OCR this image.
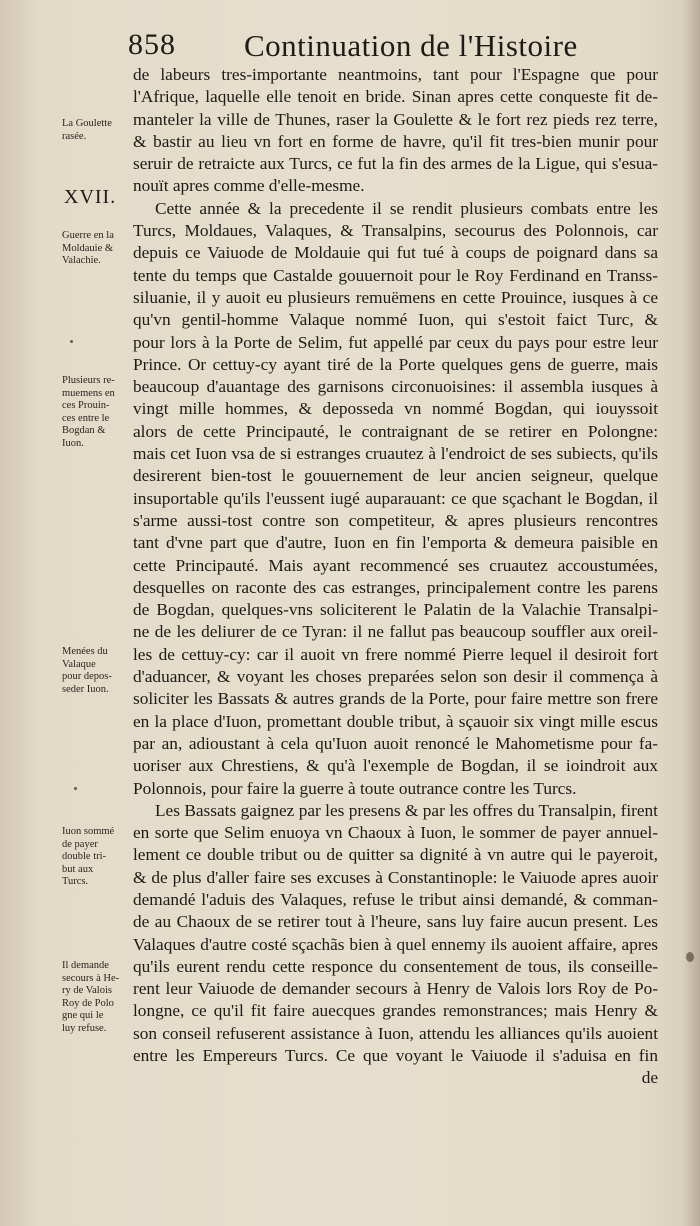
858 Continuation de l'Histoire
XVII.
La Goulette
rasée.
Guerre en la
Moldauie &
Valachie.
Plusieurs re-
muemens en
ces Prouin-
ces entre le
Bogdan &
Iuon.
Menées du
Valaque
pour depos-
seder Iuon.
Iuon sommé
de payer
double tri-
but aux
Turcs.
Il demande
secours à He-
ry de Valois
Roy de Polo
gne qui le
luy refuse.
de labeurs tres-importante neantmoins, tant pour l'Espagne que pour
l'Afrique, laquelle elle tenoit en bride. Sinan apres cette conqueste fit de-
manteler la ville de Thunes, raser la Goulette & le fort rez pieds rez terre,
& bastir au lieu vn fort en forme de havre, qu'il fit tres-bien munir pour
seruir de retraicte aux Turcs, ce fut la fin des armes de la Ligue, qui s'esua-
nouït apres comme d'elle-mesme.
Cette année & la precedente il se rendit plusieurs combats entre les
Turcs, Moldaues, Valaques, & Transalpins, secourus des Polonnois, car
depuis ce Vaiuode de Moldauie qui fut tué à coups de poignard dans sa
tente du temps que Castalde gouuernoit pour le Roy Ferdinand en Transs-
siluanie, il y auoit eu plusieurs remuëmens en cette Prouince, iusques à ce
qu'vn gentil-homme Valaque nommé Iuon, qui s'estoit faict Turc, &
pour lors à la Porte de Selim, fut appellé par ceux du pays pour estre leur
Prince. Or cettuy-cy ayant tiré de la Porte quelques gens de guerre, mais
beaucoup d'auantage des garnisons circonuoisines: il assembla iusques à
vingt mille hommes, & deposseda vn nommé Bogdan, qui iouyssoit
alors de cette Principauté, le contraignant de se retirer en Polongne:
mais cet Iuon vsa de si estranges cruautez à l'endroict de ses subiects, qu'ils
desirerent bien-tost le gouuernement de leur ancien seigneur, quelque
insuportable qu'ils l'eussent iugé auparauant: ce que sçachant le Bogdan, il
s'arme aussi-tost contre son competiteur, & apres plusieurs rencontres
tant d'vne part que d'autre, Iuon en fin l'emporta & demeura paisible en
cette Principauté. Mais ayant recommencé ses cruautez accoustumées,
desquelles on raconte des cas estranges, principalement contre les parens
de Bogdan, quelques-vns soliciterent le Palatin de la Valachie Transalpi-
ne de les deliurer de ce Tyran: il ne fallut pas beaucoup souffler aux oreil-
les de cettuy-cy: car il auoit vn frere nommé Pierre lequel il desiroit fort
d'aduancer, & voyant les choses preparées selon son desir il commença à
soliciter les Bassats & autres grands de la Porte, pour faire mettre son frere
en la place d'Iuon, promettant double tribut, à sçauoir six vingt mille escus
par an, adioustant à cela qu'Iuon auoit renoncé le Mahometisme pour fa-
uoriser aux Chrestiens, & qu'à l'exemple de Bogdan, il se ioindroit aux
Polonnois, pour faire la guerre à toute outrance contre les Turcs.
Les Bassats gaignez par les presens & par les offres du Transalpin, firent
en sorte que Selim enuoya vn Chaoux à Iuon, le sommer de payer annuel-
lement ce double tribut ou de quitter sa dignité à vn autre qui le payeroit,
& de plus d'aller faire ses excuses à Constantinople: le Vaiuode apres auoir
demandé l'aduis des Valaques, refuse le tribut ainsi demandé, & comman-
de au Chaoux de se retirer tout à l'heure, sans luy faire aucun present. Les
Valaques d'autre costé sçachãs bien à quel ennemy ils auoient affaire, apres
qu'ils eurent rendu cette responce du consentement de tous, ils conseille-
rent leur Vaiuode de demander secours à Henry de Valois lors Roy de Po-
longne, ce qu'il fit faire auecques grandes remonstrances; mais Henry &
son conseil refuserent assistance à Iuon, attendu les alliances qu'ils auoient
entre les Empereurs Turcs. Ce que voyant le Vaiuode il s'aduisa en fin
de
